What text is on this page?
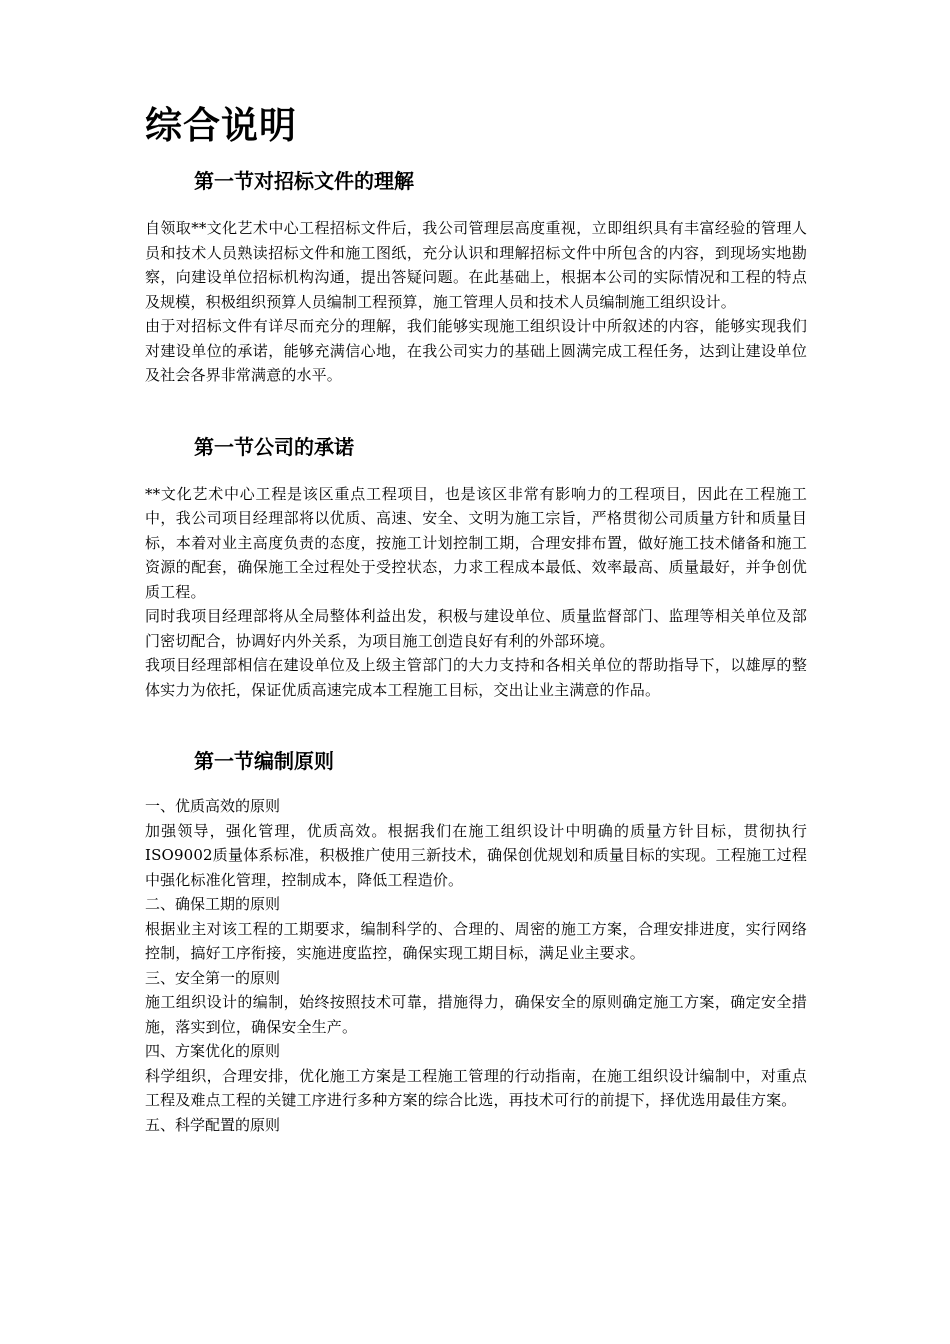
综合说明
第一节对招标文件的理解

自领取**文化艺术中心工程招标文件后，我公司管理层高度重视，立即组织具有丰富经验的管理人员和技术人员熟读招标文件和施工图纸，充分认识和理解招标文件中所包含的内容，到现场实地勘察，向建设单位招标机构沟通，提出答疑问题。在此基础上，根据本公司的实际情况和工程的特点及规模，积极组织预算人员编制工程预算，施工管理人员和技术人员编制施工组织设计。

由于对招标文件有详尽而充分的理解，我们能够实现施工组织设计中所叙述的内容，能够实现我们对建设单位的承诺，能够充满信心地，在我公司实力的基础上圆满完成工程任务，达到让建设单位及社会各界非常满意的水平。

第一节公司的承诺

**文化艺术中心工程是该区重点工程项目，也是该区非常有影响力的工程项目，因此在工程施工中，我公司项目经理部将以优质、高速、安全、文明为施工宗旨，严格贯彻公司质量方针和质量目标，本着对业主高度负责的态度，按施工计划控制工期，合理安排布置，做好施工技术储备和施工资源的配套，确保施工全过程处于受控状态，力求工程成本最低、效率最高、质量最好，并争创优质工程。

同时我项目经理部将从全局整体利益出发，积极与建设单位、质量监督部门、监理等相关单位及部门密切配合，协调好内外关系，为项目施工创造良好有利的外部环境。

我项目经理部相信在建设单位及上级主管部门的大力支持和各相关单位的帮助指导下，以雄厚的整体实力为依托，保证优质高速完成本工程施工目标，交出让业主满意的作品。

第一节编制原则

一、优质高效的原则

加强领导，强化管理，优质高效。根据我们在施工组织设计中明确的质量方针目标，贯彻执行ISO9002质量体系标准，积极推广使用三新技术，确保创优规划和质量目标的实现。工程施工过程中强化标准化管理，控制成本，降低工程造价。

二、确保工期的原则

根据业主对该工程的工期要求，编制科学的、合理的、周密的施工方案，合理安排进度，实行网络控制，搞好工序衔接，实施进度监控，确保实现工期目标，满足业主要求。

三、安全第一的原则

施工组织设计的编制，始终按照技术可靠，措施得力，确保安全的原则确定施工方案，确定安全措施，落实到位，确保安全生产。

四、方案优化的原则

科学组织，合理安排，优化施工方案是工程施工管理的行动指南，在施工组织设计编制中，对重点工程及难点工程的关键工序进行多种方案的综合比选，再技术可行的前提下，择优选用最佳方案。

五、科学配置的原则
